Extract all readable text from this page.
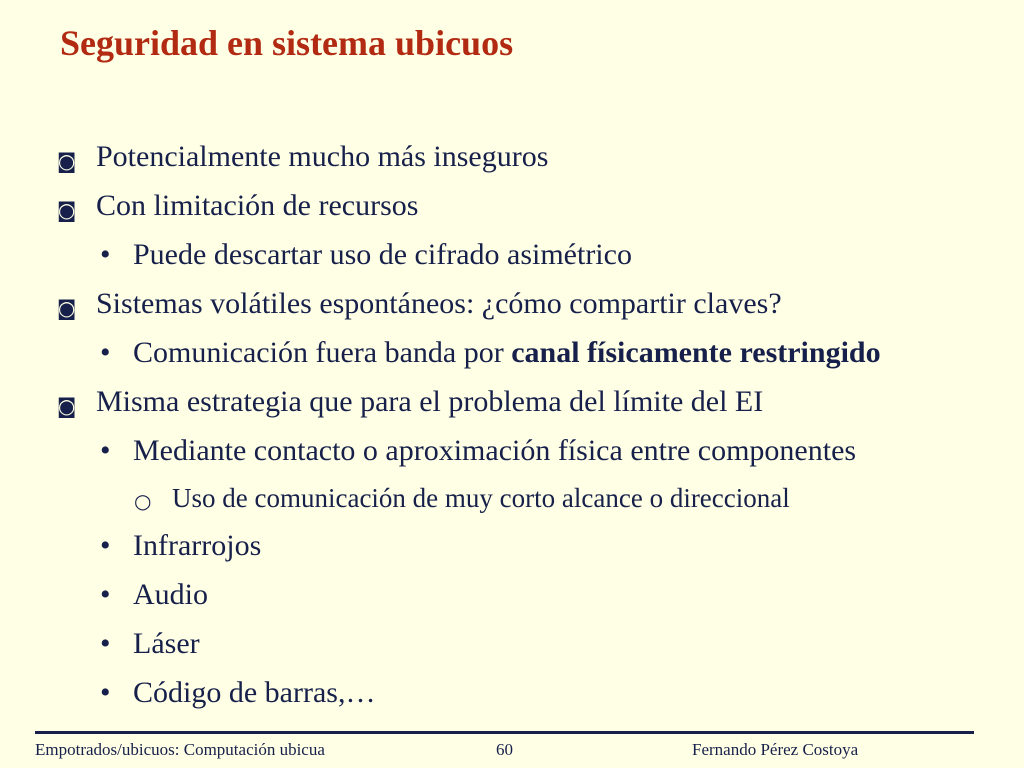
Seguridad en sistema ubicuos
◙ Potencialmente mucho más inseguros
◙ Con limitación de recursos
• Puede descartar uso de cifrado asimétrico
◙ Sistemas volátiles espontáneos: ¿cómo compartir claves?
• Comunicación fuera banda por canal físicamente restringido
◙ Misma estrategia que para el problema del límite del EI
• Mediante contacto o aproximación física entre componentes
○ Uso de comunicación de muy corto alcance o direccional
• Infrarrojos
• Audio
• Láser
• Código de barras,…
Empotrados/ubicuos: Computación ubicua	60	Fernando Pérez Costoya
